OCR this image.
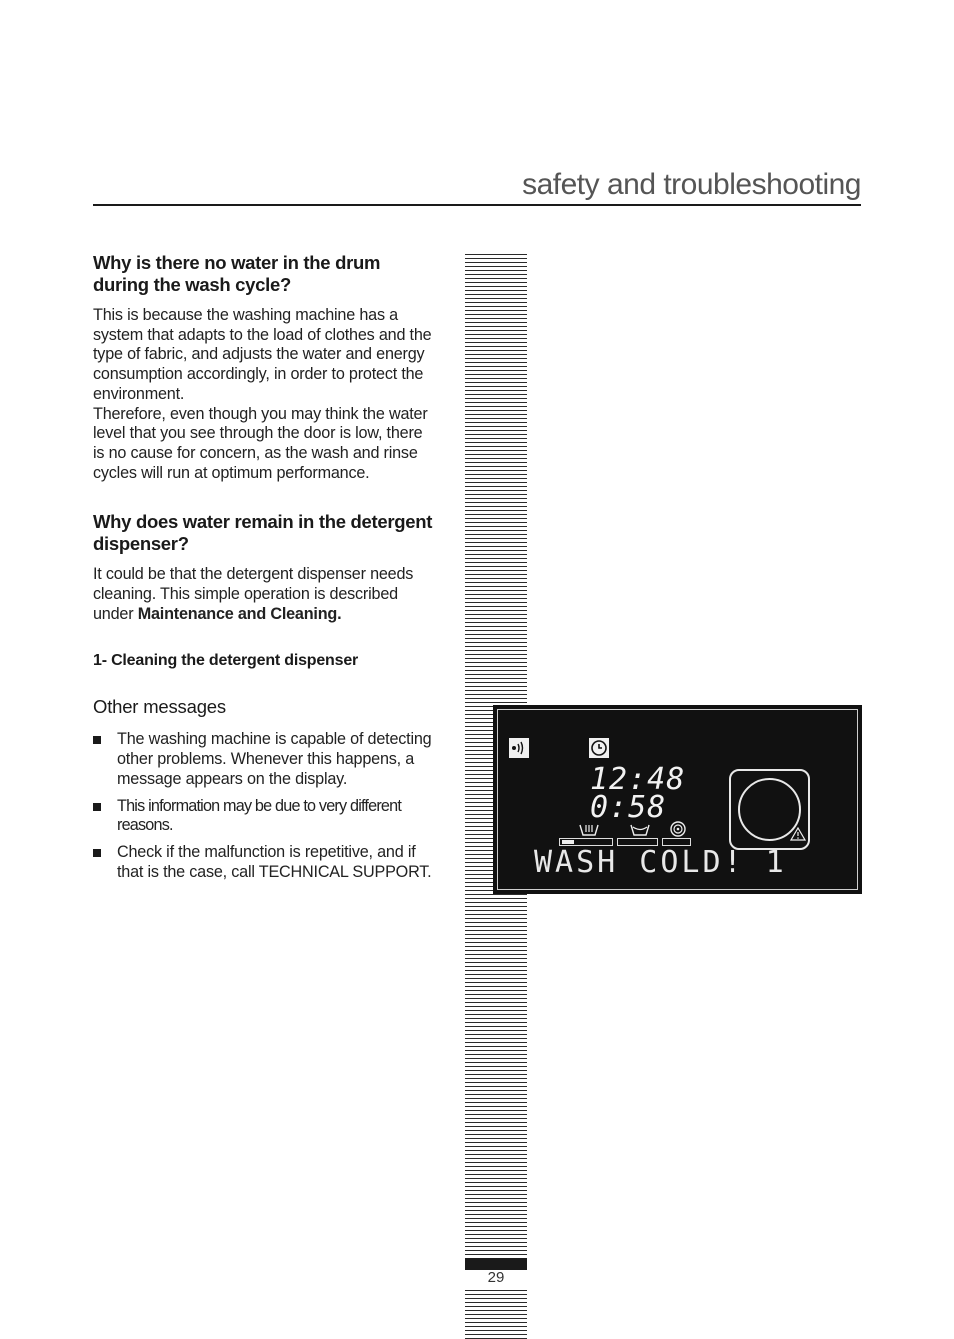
safety and troubleshooting
Why is there no water in the drum during the wash cycle?

This is because the washing machine has a system that adapts to the load of clothes and the type of fabric, and adjusts the water and energy consumption accordingly, in order to protect the environment.

Therefore, even though you may think the water level that you see through the door is low, there is no cause for concern, as the wash and rinse cycles will run at optimum performance.

Why does water remain in the detergent dispenser?

It could be that the detergent dispenser needs cleaning. This simple operation is described under Maintenance and Cleaning.

1- Cleaning the detergent dispenser
Other messages
The washing machine is capable of detecting other problems. Whenever this happens, a message appears on the display.
This information may be due to very different reasons.
Check if the malfunction is repetitive, and if that is the case, call TECHNICAL SUPPORT.
29
12:48
0:58
WASH COLD! 1
